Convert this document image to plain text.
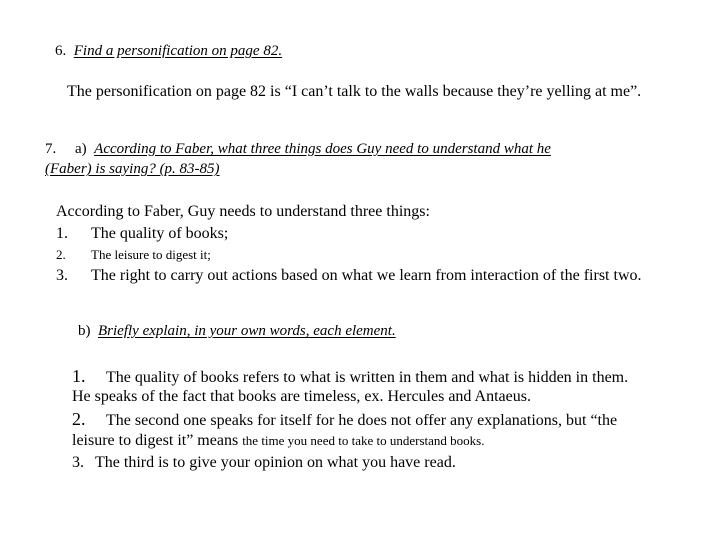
6. Find a personification on page 82.
The personification on page 82 is “I can’t talk to the walls because they’re yelling at me”.
7. a) According to Faber, what three things does Guy need to understand what he
(Faber) is saying? (p. 83-85)
According to Faber, Guy needs to understand three things:
1. The quality of books;
2. The leisure to digest it;
3. The right to carry out actions based on what we learn from interaction of the first two.
b) Briefly explain, in your own words, each element.
1. The quality of books refers to what is written in them and what is hidden in them.
He speaks of the fact that books are timeless, ex. Hercules and Antaeus.
2. The second one speaks for itself for he does not offer any explanations, but “the
leisure to digest it” means the time you need to take to understand books.
3. The third is to give your opinion on what you have read.
